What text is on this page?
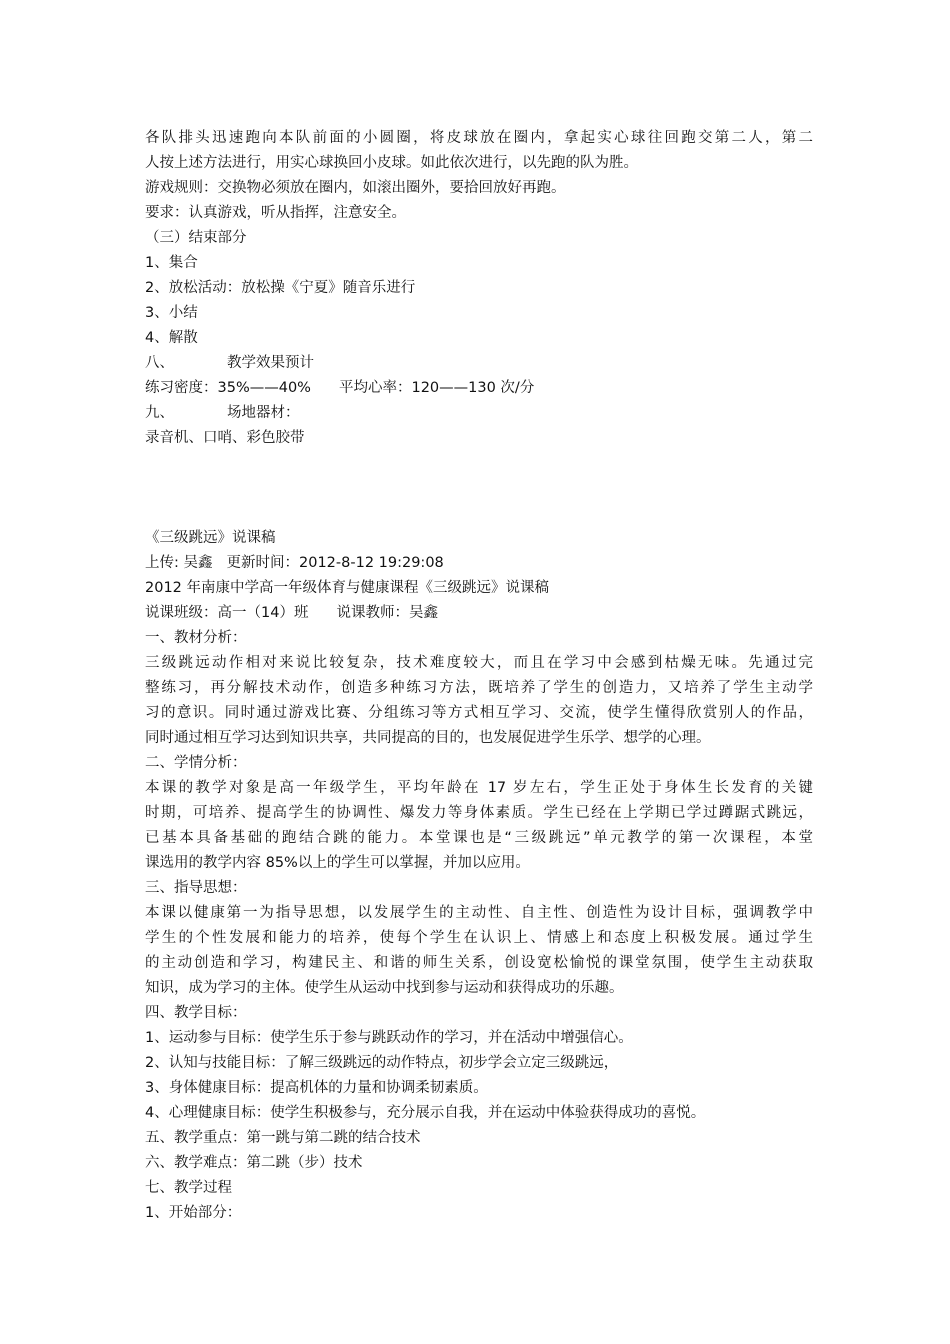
各队排头迅速跑向本队前面的小圆圈，将皮球放在圈内，拿起实心球往回跑交第二人，第二
人按上述方法进行，用实心球换回小皮球。如此依次进行，以先跑的队为胜。
游戏规则：交换物必须放在圈内，如滚出圈外，要拾回放好再跑。
要求：认真游戏，听从指挥，注意安全。
（三）结束部分
1、集合
2、放松活动：放松操《宁夏》随音乐进行
3、小结
4、解散
八、	教学效果预计
练习密度：35%——40% 平均心率：120——130 次/分
九、	场地器材：
录音机、口哨、彩色胶带
《三级跳远》说课稿
上传: 吴鑫 更新时间：2012-8-12 19:29:08
2012 年南康中学高一年级体育与健康课程《三级跳远》说课稿
说课班级：高一（14）班 说课教师：吴鑫
一、教材分析：
三级跳远动作相对来说比较复杂，技术难度较大，而且在学习中会感到枯燥无味。先通过完
整练习，再分解技术动作，创造多种练习方法，既培养了学生的创造力，又培养了学生主动学
习的意识。同时通过游戏比赛、分组练习等方式相互学习、交流，使学生懂得欣赏别人的作品，
同时通过相互学习达到知识共享，共同提高的目的，也发展促进学生乐学、想学的心理。
二、学情分析：
本课的教学对象是高一年级学生，平均年龄在 17 岁左右，学生正处于身体生长发育的关键
时期，可培养、提高学生的协调性、爆发力等身体素质。学生已经在上学期已学过蹲踞式跳远，
已基本具备基础的跑结合跳的能力。本堂课也是“三级跳远”单元教学的第一次课程，本堂
课选用的教学内容 85%以上的学生可以掌握，并加以应用。
三、指导思想：
本课以健康第一为指导思想，以发展学生的主动性、自主性、创造性为设计目标，强调教学中
学生的个性发展和能力的培养，使每个学生在认识上、情感上和态度上积极发展。通过学生
的主动创造和学习，构建民主、和谐的师生关系，创设宽松愉悦的课堂氛围，使学生主动获取
知识，成为学习的主体。使学生从运动中找到参与运动和获得成功的乐趣。
四、教学目标：
1、运动参与目标：使学生乐于参与跳跃动作的学习，并在活动中增强信心。
2、认知与技能目标：了解三级跳远的动作特点，初步学会立定三级跳远，
3、身体健康目标：提高机体的力量和协调柔韧素质。
4、心理健康目标：使学生积极参与，充分展示自我，并在运动中体验获得成功的喜悦。
五、教学重点：第一跳与第二跳的结合技术
六、教学难点：第二跳（步）技术
七、教学过程
1、开始部分：
